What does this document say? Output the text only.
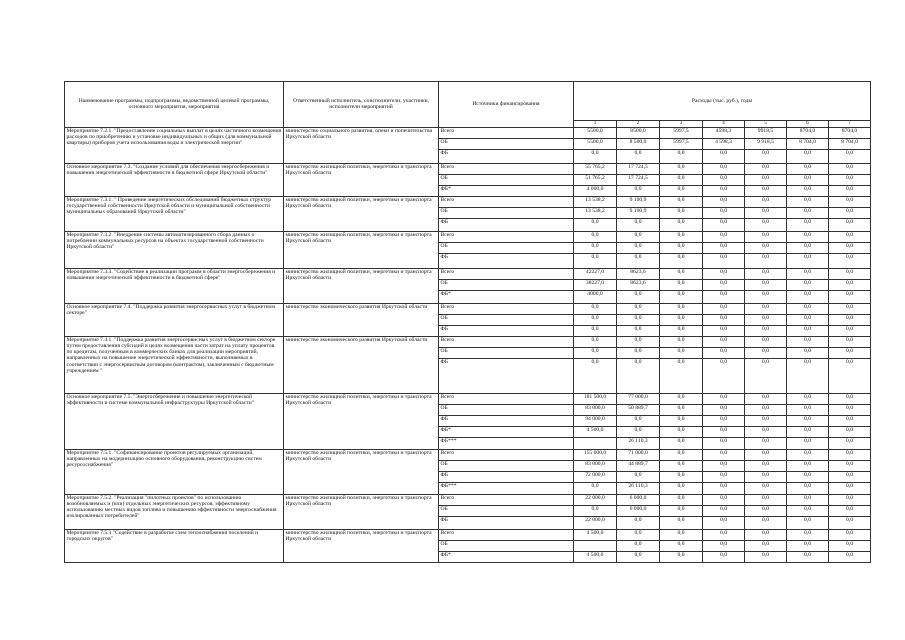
Наименование программы, подпрограммы, ведомственной целевой программы, основного мероприятия, мероприятия	Ответственный исполнитель, соисполнители, участники, исполнители мероприятий	Источники финансирования	Расходы (тыс. руб.), годы							

			1	2	3	4	5	6	7			
Мероприятие 7.2.1. "Предоставление социальных выплат в целях частичного возмещения расходов по приобретению и установке индивидуальных и общих (для коммунальной квартиры) приборов учета использования воды и электрической энергии"	министерство социального развития, опеки и попечительства Иркутской области	Всего	5500,0	8500,0	5997,5	4598,3	9918,5	8704,0	8704,0	
		ОБ	5500,0	8 500,0	5997,5	4 598,3	9 918,5	8 704,0	8 704,0	
		ФБ	0,0	0,0	0,0	0,0	0,0	0,0	0,0	
Основное мероприятие 7.3. "Создание условий для обеспечения энергосбережения и повышения энергетической эффективности в бюджетной сфере Иркутской области"	министерство жилищной политики, энергетики и транспорта Иркутской области	Всего	55 765,2	17 724,5	0,0	0,0	0,0	0,0	0,0	
		ОБ	51 765,2	17 724,5	0,0	0,0	0,0	0,0	0,0	
		ФБ*	4 000,0	0,0	0,0	0,0	0,0	0,0	0,0	
Мероприятие 7.3.1. " Проведение энергетических обследований бюджетных структур государственной собственности Иркутской области и муниципальной собственности муниципальных образований Иркутской области"	министерство жилищной политики, энергетики и транспорта Иркутской области	Всего	13 538,2	9 100,9	0,0	0,0	0,0	0,0	0,0	
		ОБ	13 538,2	9 100,9	0,0	0,0	0,0	0,0	0,0	
		ФБ	0,0	0,0	0,0	0,0	0,0	0,0	0,0	
Мероприятие 7.3.2. "Внедрение системы автоматизированного сбора данных о потреблении коммунальных ресурсов на объектах государственной собственности Иркутской области"	министерство жилищной политики, энергетики и транспорта Иркутской области	Всего	0,0	0,0	0,0	0,0	0,0	0,0	0,0	
		ОБ	0,0	0,0	0,0	0,0	0,0	0,0	0,0	
		ФБ	0,0	0,0	0,0	0,0	0,0	0,0	0,0	
Мероприятие 7.3.3. "Содействие в реализации программ в области энергосбережения и повышения энергетической эффективности в бюджетной сфере"	министерство жилищной политики, энергетики и транспорта Иркутской области	Всего	42227,0	8623,6	0,0	0,0	0,0	0,0	0,0	
		ОБ	38227,0	8623,6	0,0	0,0	0,0	0,0	0,0	
		ФБ*	4000,0	0,0	0,0	0,0	0,0	0,0	0,0	
Основное мероприятие 7.4. "Поддержка развития энергосервисных услуг в бюджетном секторе"	министерство экономического развития Иркутской области	Всего	0,0	0,0	0,0	0,0	0,0	0,0	0,0	
		ОБ	0,0	0,0	0,0	0,0	0,0	0,0	0,0	
		ФБ	0,0	0,0	0,0	0,0	0,0	0,0	0,0	
Мероприятие 7.4.1. "Поддержка развития энергосервисных услуг в бюджетном секторе путем предоставления субсидий в целях возмещения части затрат на уплату процентов по кредитам, полученным в коммерческих банках для реализации мероприятий, направленных на повышение энергетической эффективности, выполняемых в соответствии с энергосервисным договором (контрактом), заключенным с бюджетным учреждением "	министерство экономического развития Иркутской области	Всего	0,0	0,0	0,0	0,0	0,0	0,0	0,0	
		ОБ	0,0	0,0	0,0	0,0	0,0	0,0	0,0	
		ФБ	0,0	0,0	0,0	0,0	0,0	0,0	0,0	
Основное мероприятие 7.5. "Энергосбережение и повышение энергетической эффективности в системе коммунальной инфраструктуры Иркутской области"	министерство жилищной политики, энергетики и транспорта Иркутской области	Всего	181 500,0	77 000,0	0,0	0,0	0,0	0,0	0,0	
		ОБ	83 000,0	50 889,7	0,0	0,0	0,0	0,0	0,0	
		ФБ	94 000,0	0,0	0,0	0,0	0,0	0,0	0,0	
		ФБ*	4 500,0	0,0	0,0	0,0	0,0	0,0	0,0	
		ФБ***		26 110,3	0,0	0,0	0,0	0,0	0,0	
Мероприятие 7.5.1. "Софинансирование проектов регулируемых организаций, направленных на модернизацию основного оборудования, реконструкцию систем ресурсоснабжения"	министерство жилищной политики, энергетики и транспорта Иркутской области	Всего	155 000,0	71 000,0	0,0	0,0	0,0	0,0	0,0	
		ОБ	83 000,0	44 889,7	0,0	0,0	0,0	0,0	0,0	
		ФБ	72 000,0	0,0	0,0	0,0	0,0	0,0	0,0	
		ФБ***	0,0	26 110,3	0,0	0,0	0,0	0,0	0,0	
Мероприятие 7.5.2. "Реализация "пилотных проектов" по использованию возобновляемых и (или) отдельных энергетических ресурсов, эффективному использованию местных видов топлива и повышению эффективности энергоснабжения изолированных потребителей"	министерство жилищной политики, энергетики и транспорта Иркутской области	Всего	22 000,0	6 000,0	0,0	0,0	0,0	0,0	0,0	
		ОБ	0,0	6 000,0	0,0	0,0	0,0	0,0	0,0	
		ФБ	22 000,0	0,0	0,0	0,0	0,0	0,0	0,0	
Мероприятие 7.5.3 "Содействие в разработке схем теплоснабжения поселений и городских округов"	министерство жилищной политики, энергетики и транспорта Иркутской области	Всего	4 500,0	0,0	0,0	0,0	0,0	0,0	0,0	
		ОБ		0,0	0,0	0,0	0,0	0,0	0,0	
		ФБ*	4 500,0	0,0	0,0	0,0	0,0	0,0	0,0	
